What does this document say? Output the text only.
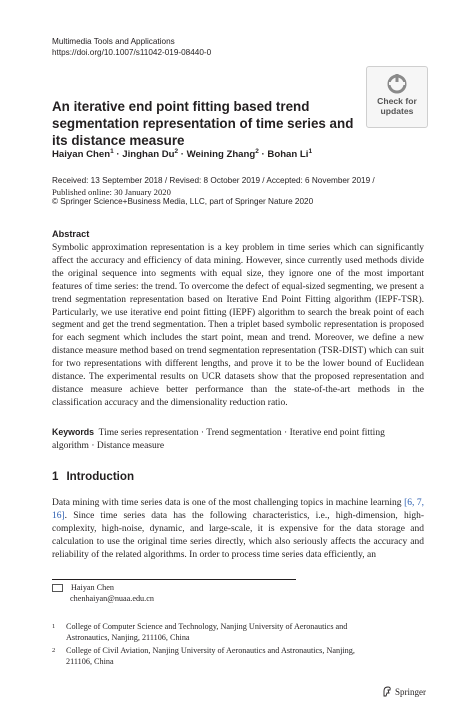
Multimedia Tools and Applications
https://doi.org/10.1007/s11042-019-08440-0
Check for
updates
An iterative end point fitting based trend segmentation representation of time series and its distance measure
Haiyan Chen$^1$ · Jinghan $Du^2$ · Weining Zhang$^2$ · Bohan Li$^1$
Received: 13 September 2018 / Revised: 8 October 2019 / Accepted: 6 November 2019 /
Published online: 30 January 2020
© Springer Science+Business Media, LLC, part of Springer Nature 2020
Abstract
Symbolic approximation representation is a key problem in time series which can significantly affect the accuracy and efficiency of data mining. However, since currently used methods divide the original sequence into segments with equal size, they ignore one of the most important features of time series: the trend. To overcome the defect of equal-sized segmenting, we present a trend segmentation representation based on Iterative End Point Fitting algorithm (IEPF-TSR). Particularly, we use iterative end point fitting (IEPF) algorithm to search the break point of each segment and get the trend segmentation. Then a triplet based symbolic representation is proposed for each segment which includes the start point, mean and trend. Moreover, we define a new distance measure method based on trend segmentation representation (TSR-DIST) which can suit for two representations with different lengths, and prove it to be the lower bound of Euclidean distance. The experimental results on UCR datasets show that the proposed representation and distance measure achieve better performance than the state-of-the-art methods in the classification accuracy and the dimensionality reduction ratio.
Keywords Time series representation · Trend segmentation · Iterative end point fitting algorithm · Distance measure
1 Introduction
Data mining with time series data is one of the most challenging topics in machine learning [6, 7, 16]. Since time series data has the following characteristics, i.e., high-dimension, high-complexity, high-noise, dynamic, and large-scale, it is expensive for the data storage and calculation to use the original time series directly, which also seriously affects the accuracy and reliability of the related algorithms. In order to process time series data efficiently, an
Haiyan Chen
chenhaiyan@nuaa.edu.cn
1 College of Computer Science and Technology, Nanjing University of Aeronautics and Astronautics, Nanjing, 211106, China
2 College of Civil Aviation, Nanjing University of Aeronautics and Astronautics, Nanjing, 211106, China
Springer
